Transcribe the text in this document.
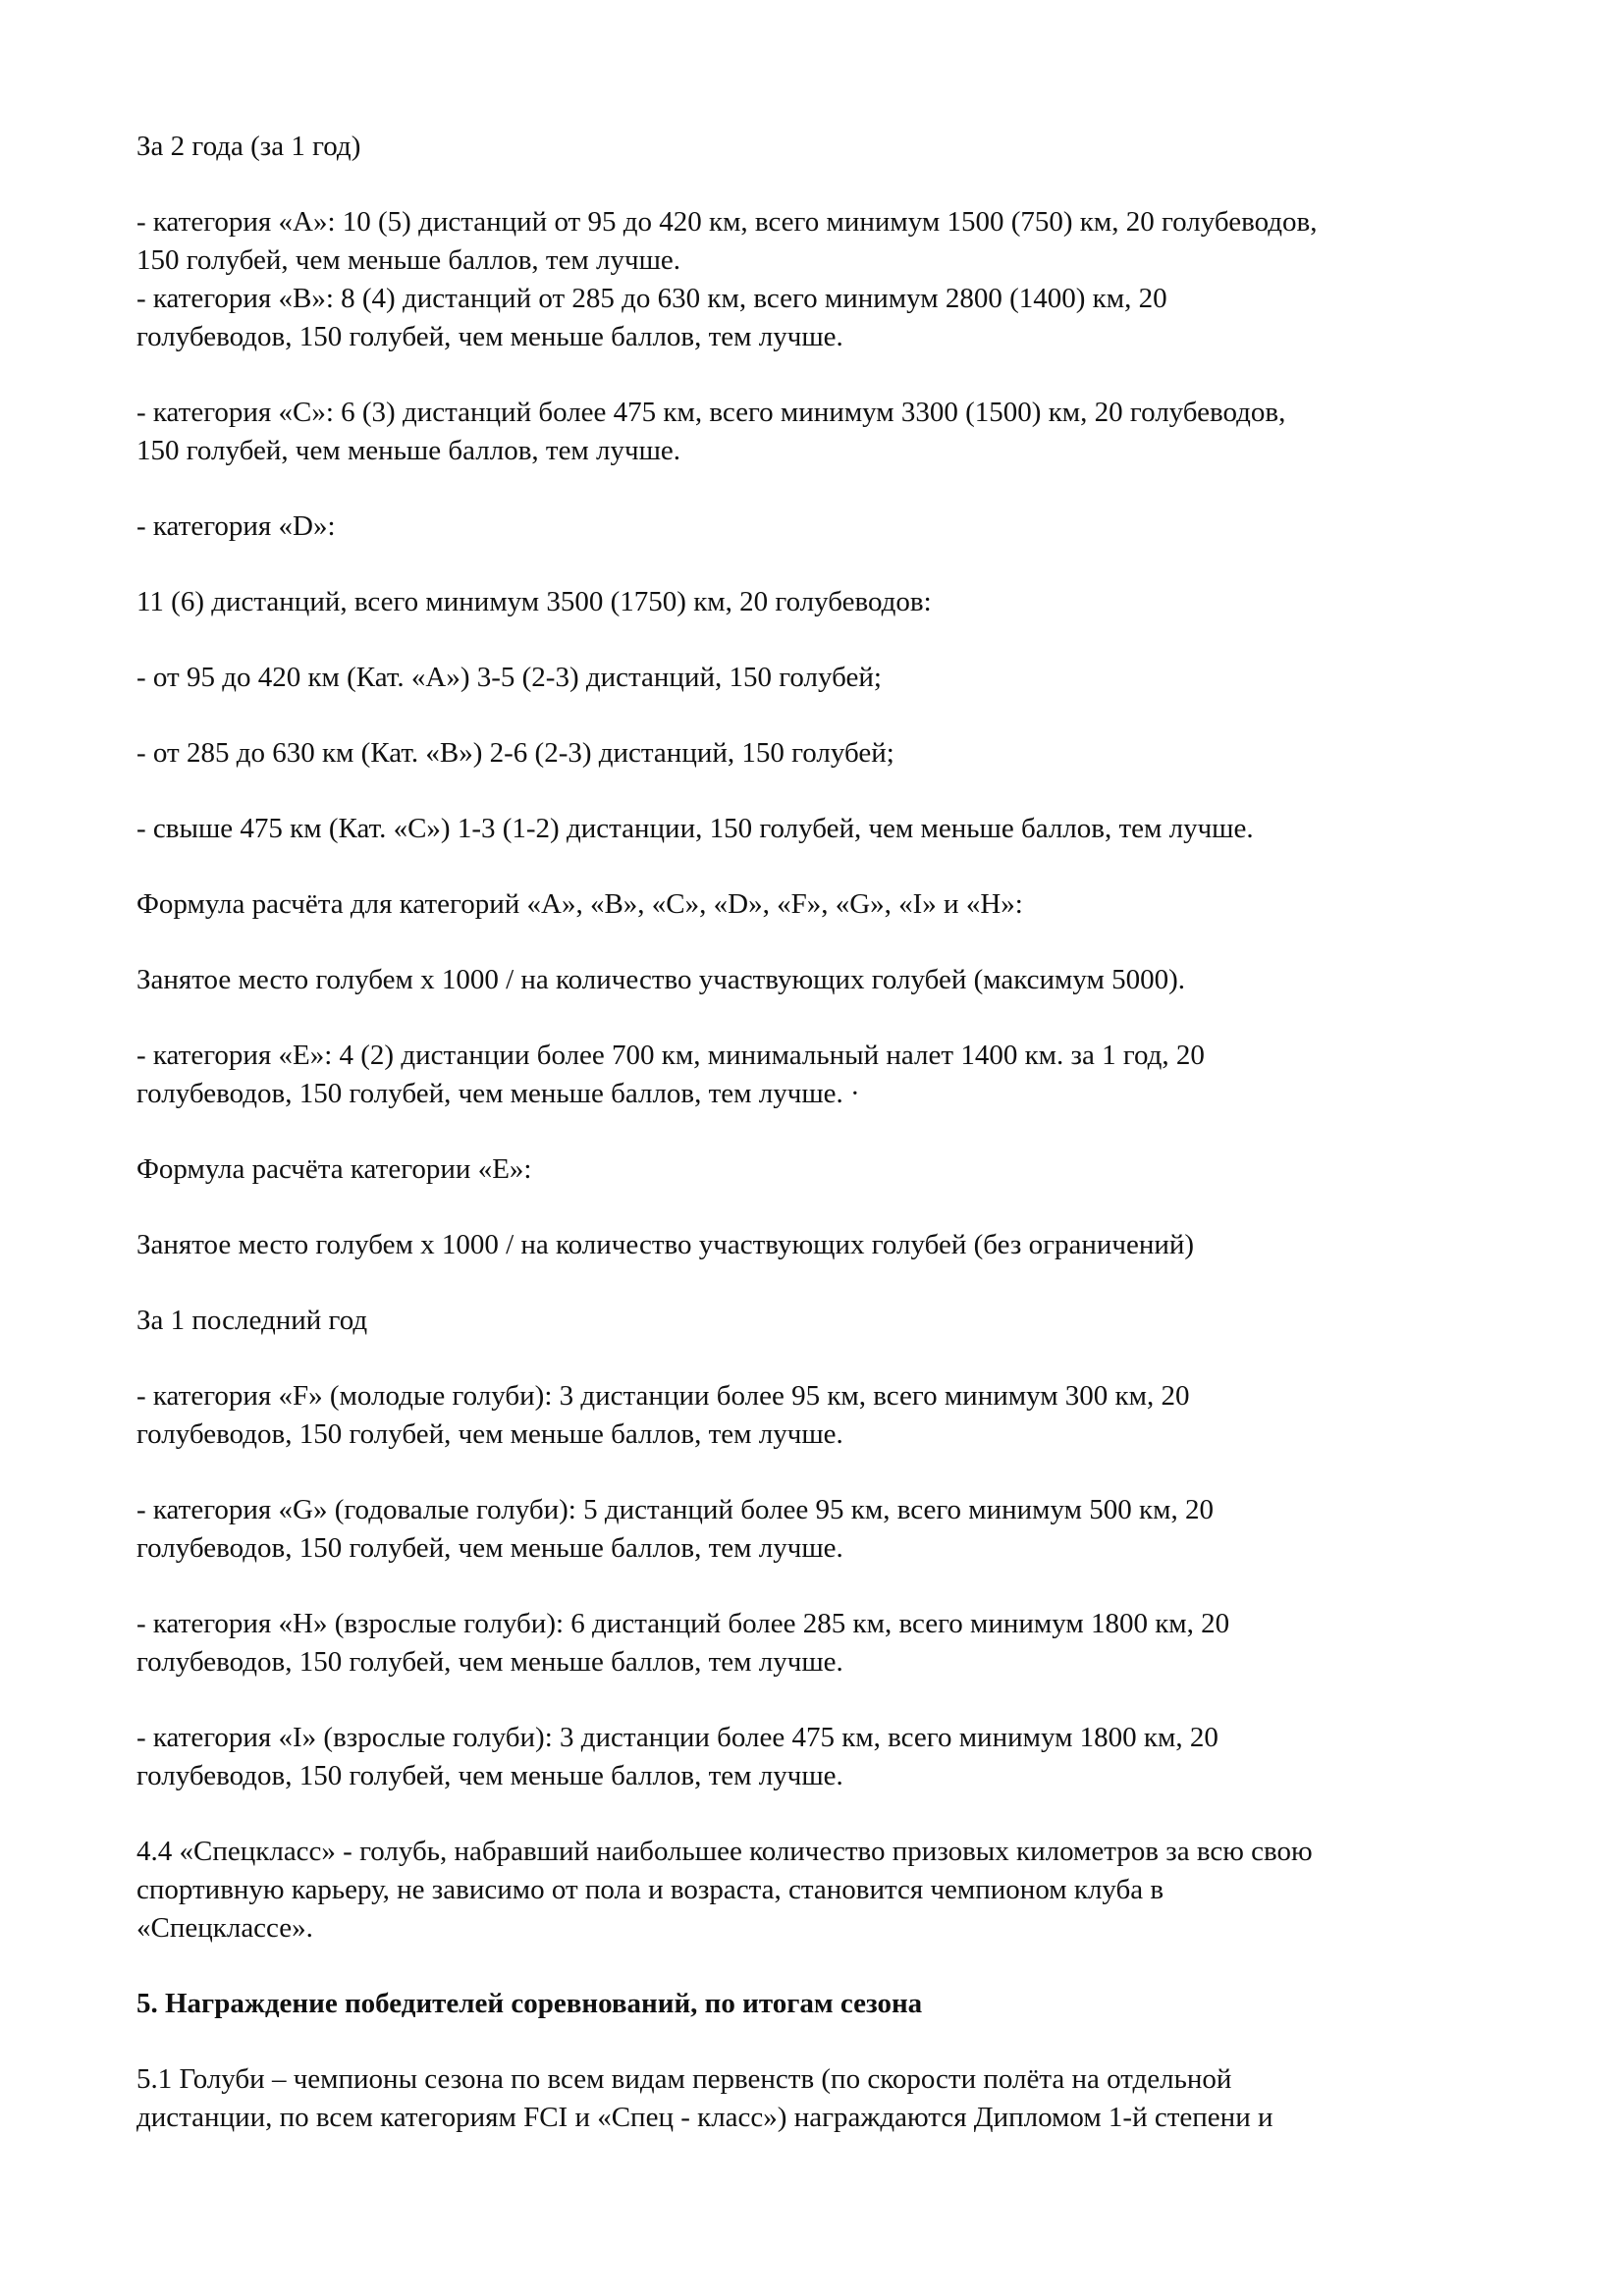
За 2 года (за 1 год)

- категория «А»: 10 (5) дистанций от 95 до 420 км, всего минимум 1500 (750) км, 20 голубеводов,
150 голубей, чем меньше баллов, тем лучше.

- категория «В»: 8 (4) дистанций от 285 до 630 км, всего минимум 2800 (1400) км, 20
голубеводов, 150 голубей, чем меньше баллов, тем лучше.

- категория «С»: 6 (3) дистанций более 475 км, всего минимум 3300 (1500) км, 20 голубеводов,
150 голубей, чем меньше баллов, тем лучше.

- категория «D»:

11 (6) дистанций, всего минимум 3500 (1750) км, 20 голубеводов:

- от 95 до 420 км (Кат. «А») 3-5 (2-3) дистанций, 150 голубей;

- от 285 до 630 км (Кат. «В») 2-6 (2-3) дистанций, 150 голубей;

- свыше 475 км (Кат. «С») 1-3 (1-2) дистанции, 150 голубей, чем меньше баллов, тем лучше.

Формула расчёта для категорий «А», «В», «С», «D», «F», «G», «I» и «H»:

Занятое место голубем х 1000 / на количество участвующих голубей (максимум 5000).

- категория «Е»: 4 (2) дистанции более 700 км, минимальный налет 1400 км. за 1 год, 20
голубеводов, 150 голубей, чем меньше баллов, тем лучше. ·

Формула расчёта категории «Е»:

Занятое место голубем х 1000 / на количество участвующих голубей (без ограничений)

За 1 последний год

- категория «F» (молодые голуби): 3 дистанции более 95 км, всего минимум 300 км, 20
голубеводов, 150 голубей, чем меньше баллов, тем лучше.

- категория «G» (годовалые голуби): 5 дистанций более 95 км, всего минимум 500 км, 20
голубеводов, 150 голубей, чем меньше баллов, тем лучше.

- категория «Н» (взрослые голуби): 6 дистанций более 285 км, всего минимум 1800 км, 20
голубеводов, 150 голубей, чем меньше баллов, тем лучше.

- категория «I» (взрослые голуби): 3 дистанции более 475 км, всего минимум 1800 км, 20
голубеводов, 150 голубей, чем меньше баллов, тем лучше.

4.4 «Спецкласс» - голубь, набравший наибольшее количество призовых километров за всю свою
спортивную карьеру, не зависимо от пола и возраста, становится чемпионом клуба в
«Спецклассе».

5. Награждение победителей соревнований, по итогам сезона

5.1 Голуби – чемпионы сезона по всем видам первенств (по скорости полёта на отдельной
дистанции, по всем категориям FCI и «Спец - класс») награждаются Дипломом 1-й степени и
